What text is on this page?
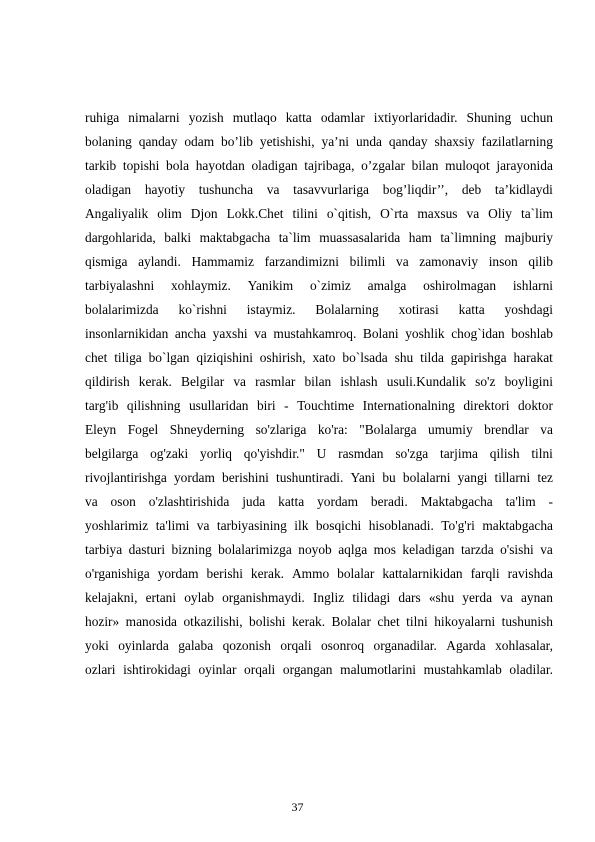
ruhiga nimalarni yozish mutlaqo katta odamlar ixtiyorlaridadir. Shuning uchun
bolaning qanday odam bo’lib yetishishi, ya’ni unda qanday shaxsiy fazilatlarning
tarkib topishi bola hayotdan oladigan tajribaga, o’zgalar bilan muloqot jarayonida
oladigan hayotiy tushuncha va tasavvurlariga bog’liqdir’’, deb ta’kidlaydi
Angaliyalik olim Djon Lokk.Chet tilini o`qitish, O`rta maxsus va Oliy ta`lim
dargohlarida, balki maktabgacha ta`lim muassasalarida ham ta`limning majburiy
qismiga aylandi. Hammamiz farzandimizni bilimli va zamonaviy inson qilib
tarbiyalashni xohlaymiz. Yanikim o`zimiz amalga oshirolmagan ishlarni
bolalarimizda ko`rishni istaymiz. Bolalarning xotirasi katta yoshdagi
insonlarnikidan ancha yaxshi va mustahkamroq. Bolani yoshlik chog`idan boshlab
chet tiliga bo`lgan qiziqishini oshirish, xato bo`lsada shu tilda gapirishga harakat
qildirish kerak. Belgilar va rasmlar bilan ishlash usuli.Kundalik so'z boyligini
targ'ib qilishning usullaridan biri - Touchtime Internationalning direktori doktor
Eleyn Fogel Shneyderning so'zlariga ko'ra: "Bolalarga umumiy brendlar va
belgilarga og'zaki yorliq qo'yishdir." U rasmdan so'zga tarjima qilish tilni
rivojlantirishga yordam berishini tushuntiradi. Yani bu bolalarni yangi tillarni tez
va oson o'zlashtirishida juda katta yordam beradi. Maktabgacha ta'lim -
yoshlarimiz ta'limi va tarbiyasining ilk bosqichi hisoblanadi. To'g'ri maktabgacha
tarbiya dasturi bizning bolalarimizga noyob aqlga mos keladigan tarzda o'sishi va
o'rganishiga yordam berishi kerak. Ammo bolalar kattalarnikidan farqli ravishda
kelajakni, ertani oylab organishmaydi. Ingliz tilidagi dars «shu yerda va aynan
hozir» manosida otkazilishi, bolishi kerak. Bolalar chet tilni hikoyalarni tushunish
yoki oyinlarda galaba qozonish orqali osonroq organadilar. Agarda xohlasalar,
ozlari ishtirokidagi oyinlar orqali organgan malumotlarini mustahkamlab oladilar.
37
